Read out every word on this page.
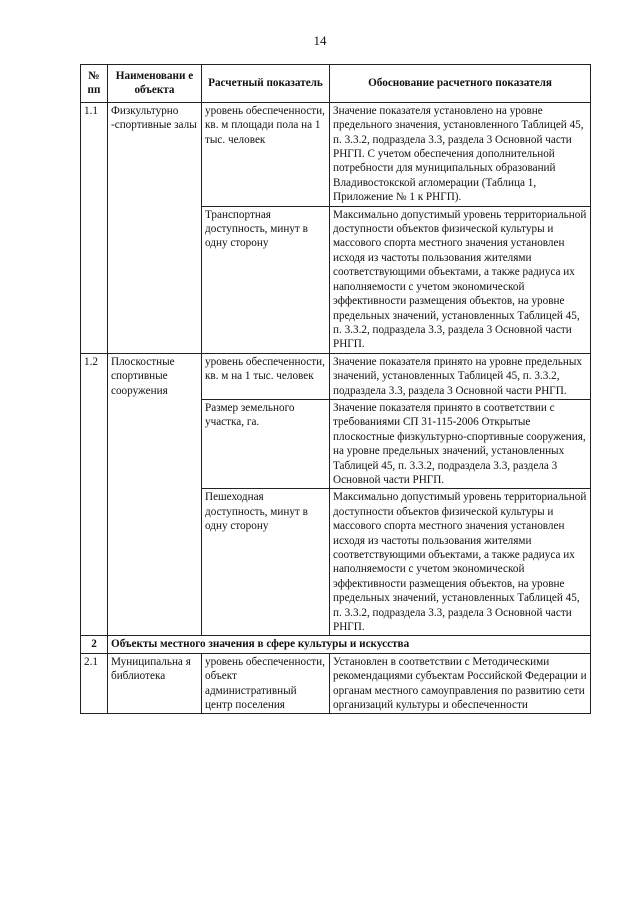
14
№ пп	Наименовани е объекта	Расчетный показатель	Обоснование расчетного показателя
1.1	Физкультурно -спортивные залы	уровень обеспеченности, кв. м площади пола на 1 тыс. человек	Значение показателя установлено на уровне предельного значения, установленного Таблицей 45, п. 3.3.2, подраздела 3.3, раздела 3 Основной части РНГП. С учетом обеспечения дополнительной потребности для муниципальных образований Владивостокской агломерации (Таблица 1, Приложение № 1 к РНГП).
		Транспортная доступность, минут в одну сторону	Максимально допустимый уровень территориальной доступности объектов физической культуры и массового спорта местного значения установлен исходя из частоты пользования жителями соответствующими объектами, а также радиуса их наполняемости с учетом экономической эффективности размещения объектов, на уровне предельных значений, установленных Таблицей 45, п. 3.3.2, подраздела 3.3, раздела 3 Основной части РНГП.
1.2	Плоскостные спортивные сооружения	уровень обеспеченности, кв. м на 1 тыс. человек	Значение показателя принято на уровне предельных значений, установленных Таблицей 45, п. 3.3.2, подраздела 3.3, раздела 3 Основной части РНГП.
		Размер земельного участка, га.	Значение показателя принято в соответствии с требованиями СП 31-115-2006 Открытые плоскостные физкультурно-спортивные сооружения, на уровне предельных значений, установленных Таблицей 45, п. 3.3.2, подраздела 3.3, раздела 3 Основной части РНГП.
		Пешеходная доступность, минут в одну сторону	Максимально допустимый уровень территориальной доступности объектов физической культуры и массового спорта местного значения установлен исходя из частоты пользования жителями соответствующими объектами, а также радиуса их наполняемости с учетом экономической эффективности размещения объектов, на уровне предельных значений, установленных Таблицей 45, п. 3.3.2, подраздела 3.3, раздела 3 Основной части РНГП.
2	Объекты местного значения в сфере культуры и искусства		
2.1	Муниципальна я библиотека	уровень обеспеченности, объект административный центр поселения	Установлен в соответствии с Методическими рекомендациями субъектам Российской Федерации и органам местного самоуправления по развитию сети организаций культуры и обеспеченности
